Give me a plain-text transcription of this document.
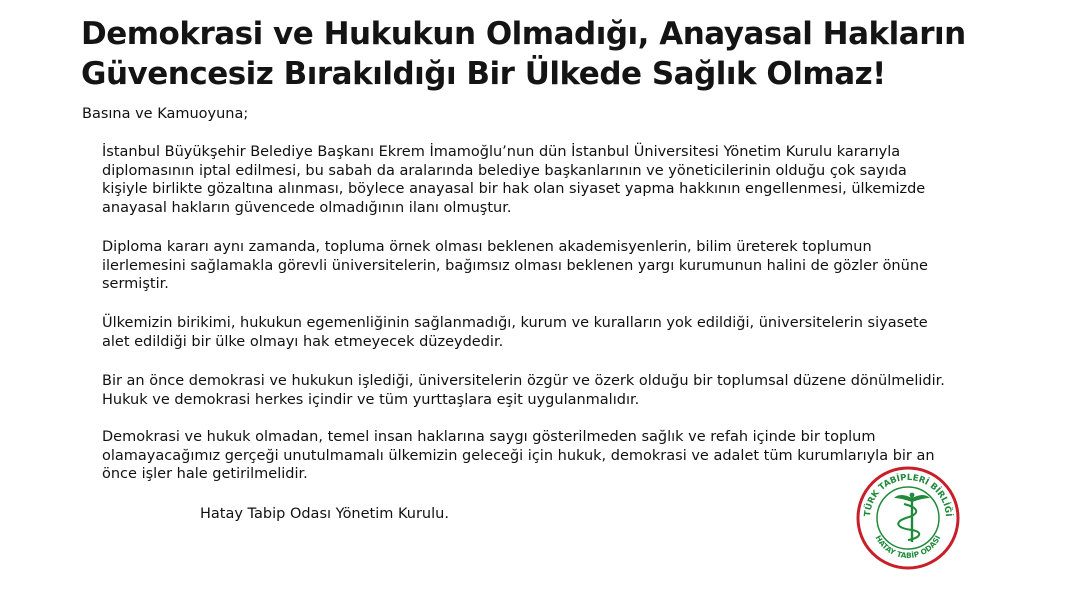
Demokrasi ve Hukukun Olmadığı, Anayasal Hakların
Güvencesiz Bırakıldığı Bir Ülkede Sağlık Olmaz!
Basına ve Kamuoyuna;

İstanbul Büyükşehir Belediye Başkanı Ekrem İmamoğlu’nun dün İstanbul Üniversitesi Yönetim Kurulu kararıyla
diplomasının iptal edilmesi, bu sabah da aralarında belediye başkanlarının ve yöneticilerinin olduğu çok sayıda
kişiyle birlikte gözaltına alınması, böylece anayasal bir hak olan siyaset yapma hakkının engellenmesi, ülkemizde
anayasal hakların güvencede olmadığının ilanı olmuştur.

Diploma kararı aynı zamanda, topluma örnek olması beklenen akademisyenlerin, bilim üreterek toplumun
ilerlemesini sağlamakla görevli üniversitelerin, bağımsız olması beklenen yargı kurumunun halini de gözler önüne
sermiştir.

Ülkemizin birikimi, hukukun egemenliğinin sağlanmadığı, kurum ve kuralların yok edildiği, üniversitelerin siyasete
alet edildiği bir ülke olmayı hak etmeyecek düzeydedir.

Bir an önce demokrasi ve hukukun işlediği, üniversitelerin özgür ve özerk olduğu bir toplumsal düzene dönülmelidir.
Hukuk ve demokrasi herkes içindir ve tüm yurttaşlara eşit uygulanmalıdır.

Demokrasi ve hukuk olmadan, temel insan haklarına saygı gösterilmeden sağlık ve refah içinde bir toplum
olamayacağımız gerçeği unutulmamalı ülkemizin geleceği için hukuk, demokrasi ve adalet tüm kurumlarıyla bir an
önce işler hale getirilmelidir.

Hatay Tabip Odası Yönetim Kurulu.	TÜRK TABİPLERİ BİRLİĞİ
HATAY TABİP ODASI
